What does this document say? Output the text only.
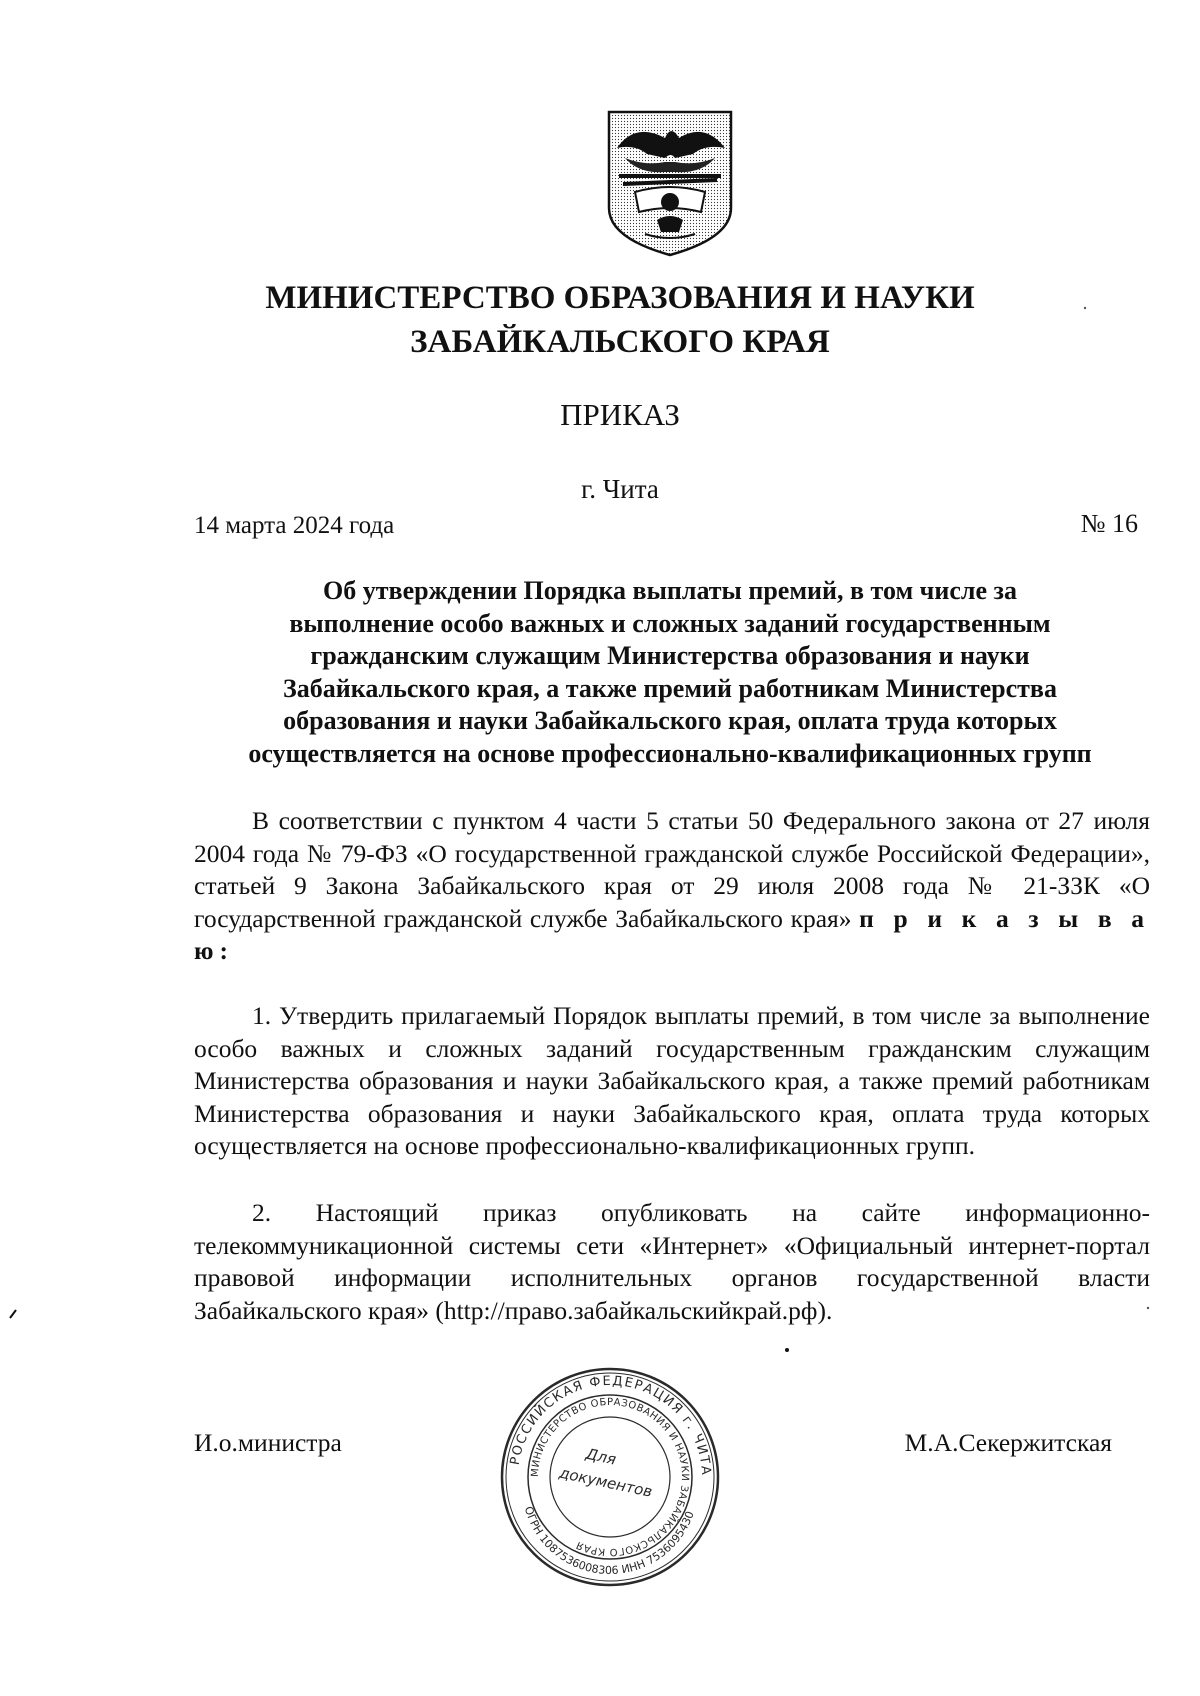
МИНИСТЕРСТВО ОБРАЗОВАНИЯ И НАУКИ
ЗАБАЙКАЛЬСКОГО КРАЯ
ПРИКАЗ
г. Чита
14 марта 2024 года	№ 16
Об утверждении Порядка выплаты премий, в том числе за
выполнение особо важных и сложных заданий государственным
гражданским служащим Министерства образования и науки
Забайкальского края, а также премий работникам Министерства
образования и науки Забайкальского края, оплата труда которых
осуществляется на основе профессионально-квалификационных групп

В соответствии с пунктом 4 части 5 статьи 50 Федерального закона от 27 июля 2004 года № 79-ФЗ «О государственной гражданской службе Российской Федерации», статьей 9 Закона Забайкальского края от 29 июля 2008 года № 21-ЗЗК «О государственной гражданской службе Забайкальского края» п р и к а з ы в а ю:

1. Утвердить прилагаемый Порядок выплаты премий, в том числе за выполнение особо важных и сложных заданий государственным гражданским служащим Министерства образования и науки Забайкальского края, а также премий работникам Министерства образования и науки Забайкальского края, оплата труда которых осуществляется на основе профессионально-квалификационных групп.

2. Настоящий приказ опубликовать на сайте информационно-телекоммуникационной системы сети «Интернет» «Официальный интернет-портал правовой информации исполнительных органов государственной власти Забайкальского края» (http://право.забайкальскийкрай.рф).

И.о.министра	М.А.Секержитская
РОССИЙСКАЯ ФЕДЕРАЦИЯ г. ЧИТА
МИНИСТЕРСТВО ОБРАЗОВАНИЯ И НАУКИ ЗАБАЙКАЛЬСКОГО КРАЯ
ОГРН 1087536008306 ИНН 7536095430
Для
документов
